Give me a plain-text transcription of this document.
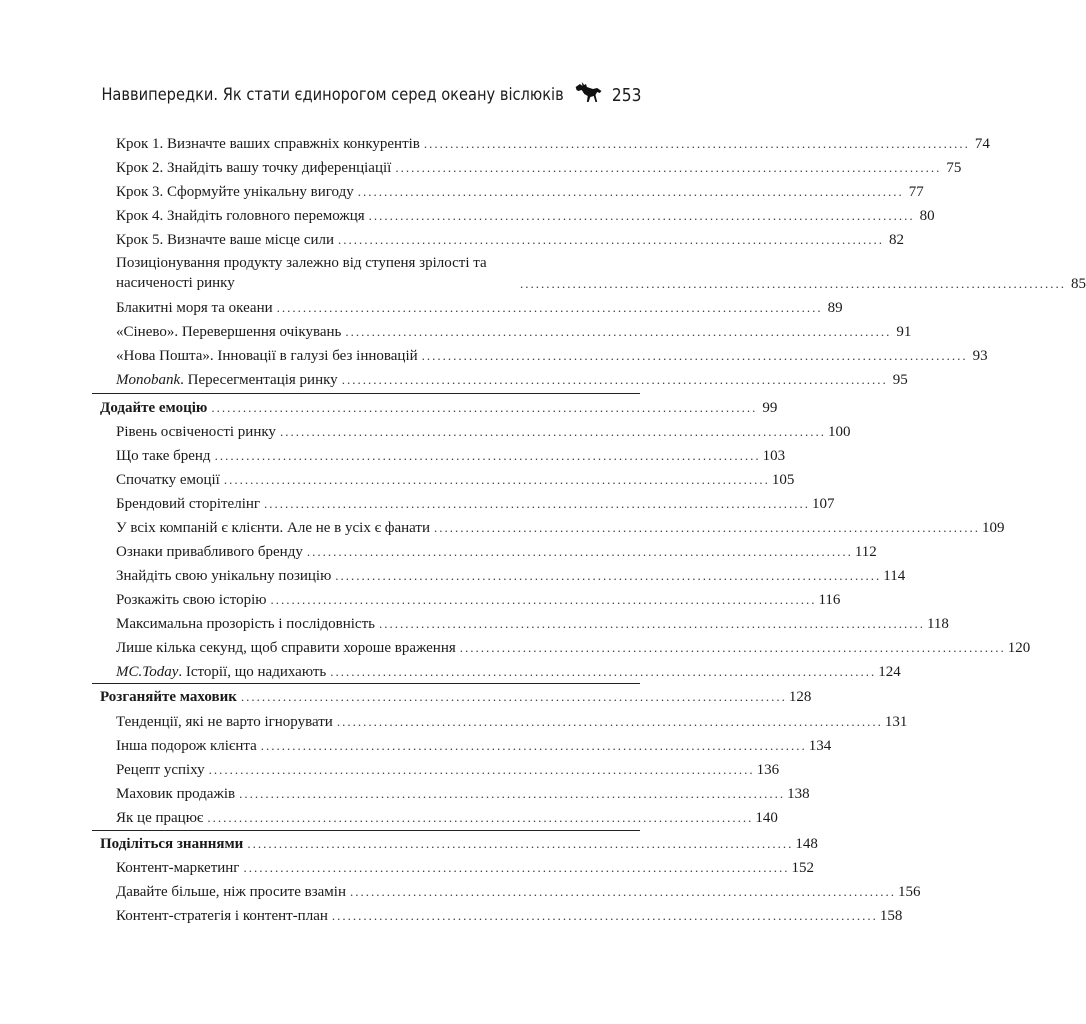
Наввипередки. Як стати єдинорогом серед океану віслюків	253
Крок 1. Визначте ваших справжніх конкурентів ........................................................................................................ 74
Крок 2. Знайдіть вашу точку диференціації ........................................................................................................ 75
Крок 3. Сформуйте унікальну вигоду ........................................................................................................ 77
Крок 4. Знайдіть головного переможця ........................................................................................................ 80
Крок 5. Визначте ваше місце сили ........................................................................................................ 82
Позиціонування продукту залежно від ступеня зрілості та насиченості ринку	........................................................................................................ 85
Блакитні моря та океани ........................................................................................................ 89
«Сінево». Перевершення очікувань ........................................................................................................ 91
«Нова Пошта». Інновації в галузі без інновацій ........................................................................................................ 93
Monobank. Пересегментація ринку ........................................................................................................ 95
Додайте емоцію ........................................................................................................ 99
Рівень освіченості ринку ........................................................................................................ 100
Що таке бренд ........................................................................................................ 103
Спочатку емоції ........................................................................................................ 105
Брендовий сторітелінг ........................................................................................................ 107
У всіх компаній є клієнти. Але не в усіх є фанати ........................................................................................................ 109
Ознаки привабливого бренду ........................................................................................................ 112
Знайдіть свою унікальну позицію ........................................................................................................ 114
Розкажіть свою історію ........................................................................................................ 116
Максимальна прозорість і послідовність ........................................................................................................ 118
Лише кілька секунд, щоб справити хороше враження ........................................................................................................ 120
MC.Today. Історії, що надихають ........................................................................................................ 124
Розганяйте маховик ........................................................................................................ 128
Тенденції, які не варто ігнорувати ........................................................................................................ 131
Інша подорож клієнта ........................................................................................................ 134
Рецепт успіху ........................................................................................................ 136
Маховик продажів ........................................................................................................ 138
Як це працює ........................................................................................................ 140
Поділіться знаннями ........................................................................................................ 148
Контент-маркетинг ........................................................................................................ 152
Давайте більше, ніж просите взамін ........................................................................................................ 156
Контент-стратегія і контент-план ........................................................................................................ 158
